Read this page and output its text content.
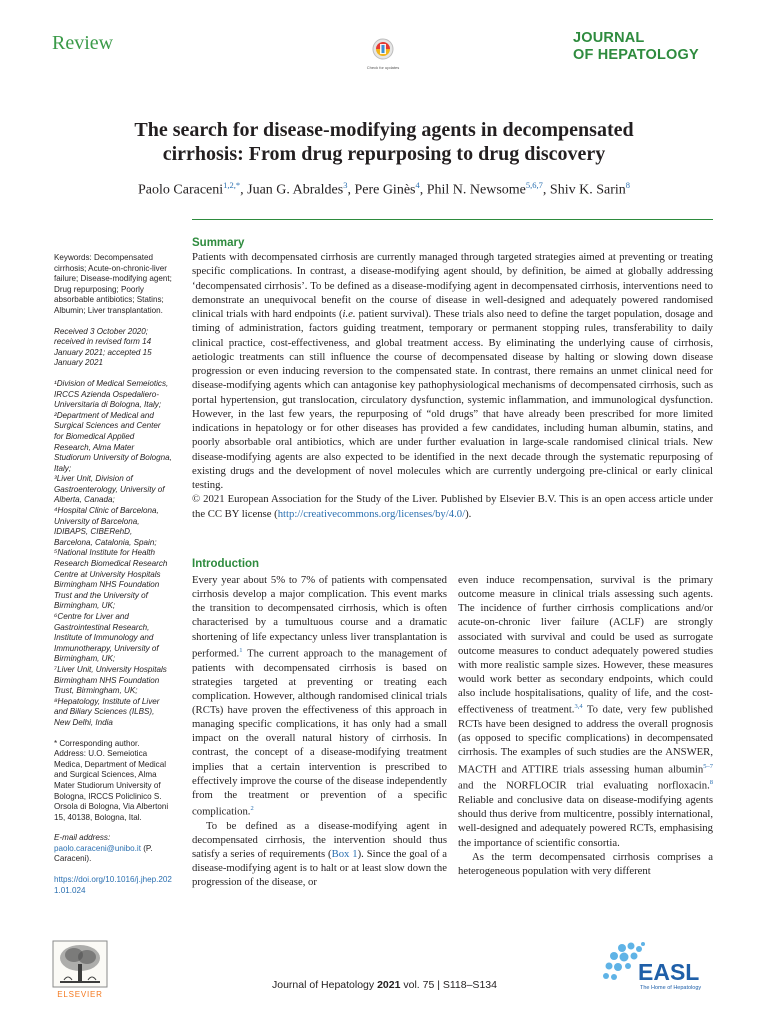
Review
Check for updates
JOURNAL
OF HEPATOLOGY
The search for disease-modifying agents in decompensated
cirrhosis: From drug repurposing to drug discovery
Paolo Caraceni$^{1,2,*}$, Juan G. Abraldes$^3$, Pere Ginès$^4$, Phil N. Newsome$^{5,6,7}$, Shiv K. Sarin$^8$

Keywords: Decompensated cirrhosis; Acute-on-chronic-liver failure; Disease-modifying agent; Drug repurposing; Poorly absorbable antibiotics; Statins; Albumin; Liver transplantation.

Received 3 October 2020; received in revised form 14 January 2021; accepted 15 January 2021

¹Division of Medical Semeiotics, IRCCS Azienda Ospedaliero-Universitaria di Bologna, Italy;
²Department of Medical and Surgical Sciences and Center for Biomedical Applied Research, Alma Mater Studiorum University of Bologna, Italy;
³Liver Unit, Division of Gastroenterology, University of Alberta, Canada;
⁴Hospital Clinic of Barcelona, University of Barcelona, IDIBAPS, CIBERehD, Barcelona, Catalonia, Spain;
⁵National Institute for Health Research Biomedical Research Centre at University Hospitals Birmingham NHS Foundation Trust and the University of Birmingham, UK;
⁶Centre for Liver and Gastrointestinal Research, Institute of Immunology and Immunotherapy, University of Birmingham, UK;
⁷Liver Unit, University Hospitals Birmingham NHS Foundation Trust, Birmingham, UK;
⁸Hepatology, Institute of Liver and Biliary Sciences (ILBS), New Delhi, India

* Corresponding author. Address: U.O. Semeiotica Medica, Department of Medical and Surgical Sciences, Alma Mater Studiorum University of Bologna, IRCCS Policlinico S. Orsola di Bologna, Via Albertoni 15, 40138, Bologna, Ital.

E-mail address: paolo.caraceni@unibo.it (P. Caraceni).

https://doi.org/10.1016/j.jhep.2021.01.024

Summary

Patients with decompensated cirrhosis are currently managed through targeted strategies aimed at preventing or treating specific complications. In contrast, a disease-modifying agent should, by definition, be aimed at globally addressing ‘decompensated cirrhosis’. To be defined as a disease-modifying agent in decompensated cirrhosis, interventions need to demonstrate an unequivocal benefit on the course of disease in well-designed and adequately powered randomised clinical trials with hard endpoints (i.e. patient survival). These trials also need to define the target population, dosage and timing of administration, factors guiding treatment, temporary or permanent stopping rules, transferability to daily clinical practice, cost-effectiveness, and global treatment access. By eliminating the underlying cause of cirrhosis, aetiologic treatments can still influence the course of decompensated disease by halting or slowing down disease progression or even inducing reversion to the compensated state. In contrast, there remains an unmet clinical need for disease-modifying agents which can antagonise key pathophysiological mechanisms of decompensated cirrhosis, such as portal hypertension, gut translocation, circulatory dysfunction, systemic inflammation, and immunological dysfunction. However, in the last few years, the repurposing of “old drugs” that have already been prescribed for more limited indications in hepatology or for other diseases has provided a few candidates, including human albumin, statins, and poorly absorbable oral antibiotics, which are under further evaluation in large-scale randomised clinical trials. New disease-modifying agents are also expected to be identified in the next decade through the systematic repurposing of existing drugs and the development of novel molecules which are currently undergoing pre-clinical or early clinical testing.

© 2021 European Association for the Study of the Liver. Published by Elsevier B.V. This is an open access article under the CC BY license (http://creativecommons.org/licenses/by/4.0/).

Introduction

Every year about 5% to 7% of patients with compensated cirrhosis develop a major complication. This event marks the transition to decompensated cirrhosis, which is often characterised by a tumultuous course and a dramatic shortening of life expectancy unless liver transplantation is performed.$^1$ The current approach to the management of patients with decompensated cirrhosis is based on strategies targeted at preventing or treating each complication. However, although randomised clinical trials (RCTs) have proven the effectiveness of this approach in managing specific complications, it has only had a small impact on the overall natural history of cirrhosis. In contrast, the concept of a disease-modifying treatment implies that a certain intervention is prescribed to effectively improve the course of the disease independently from the treatment or prevention of a specific complication.$^2$

To be defined as a disease-modifying agent in decompensated cirrhosis, the intervention should thus satisfy a series of requirements (Box 1). Since the goal of a disease-modifying agent is to halt or at least slow down the progression of the disease, or

even induce recompensation, survival is the primary outcome measure in clinical trials assessing such agents. The incidence of further cirrhosis complications and/or acute-on-chronic liver failure (ACLF) are strongly associated with survival and could be used as surrogate outcome measures to conduct adequately powered studies with more realistic sample sizes. However, these measures would work better as secondary endpoints, which could also include hospitalisations, quality of life, and the cost-effectiveness of treatment.$^{3,4}$ To date, very few published RCTs have been designed to address the overall prognosis (as opposed to specific complications) in decompensated cirrhosis. The examples of such studies are the ANSWER, MACTH and ATTIRE trials assessing human albumin$^{5-7}$ and the NORFLOCIR trial evaluating norfloxacin.$^8$ Reliable and conclusive data on disease-modifying agents should thus derive from multicentre, possibly international, well-designed and adequately powered RCTs, emphasising the importance of scientific consortia.

As the term decompensated cirrhosis comprises a heterogeneous population with very different

ELSEVIER
Journal of Hepatology 2021 vol. 75 | S118–S134	EASL
The Home of Hepatology
